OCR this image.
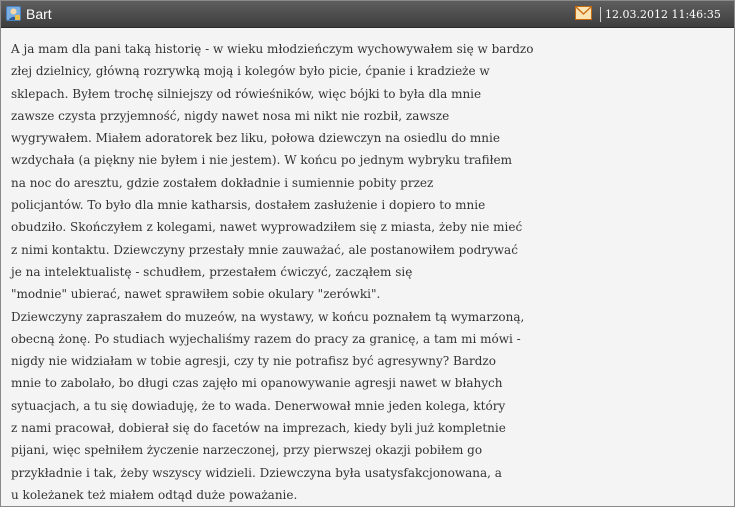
Bart	12.03.2012 11:46:35
A ja mam dla pani taką historię - w wieku młodzieńczym wychowywałem się w bardzo
złej dzielnicy, główną rozrywką moją i kolegów było picie, ćpanie i kradzieże w
sklepach. Byłem trochę silniejszy od rówieśników, więc bójki to była dla mnie
zawsze czysta przyjemność, nigdy nawet nosa mi nikt nie rozbił, zawsze
wygrywałem. Miałem adoratorek bez liku, połowa dziewczyn na osiedlu do mnie
wzdychała (a piękny nie byłem i nie jestem). W końcu po jednym wybryku trafiłem
na noc do aresztu, gdzie zostałem dokładnie i sumiennie pobity przez
policjantów. To było dla mnie katharsis, dostałem zasłużenie i dopiero to mnie
obudziło. Skończyłem z kolegami, nawet wyprowadziłem się z miasta, żeby nie mieć
z nimi kontaktu. Dziewczyny przestały mnie zauważać, ale postanowiłem podrywać
je na intelektualistę - schudłem, przestałem ćwiczyć, zacząłem się
"modnie" ubierać, nawet sprawiłem sobie okulary "zerówki".
Dziewczyny zapraszałem do muzeów, na wystawy, w końcu poznałem tą wymarzoną,
obecną żonę. Po studiach wyjechaliśmy razem do pracy za granicę, a tam mi mówi -
nigdy nie widziałam w tobie agresji, czy ty nie potrafisz być agresywny? Bardzo
mnie to zabolało, bo długi czas zajęło mi opanowywanie agresji nawet w błahych
sytuacjach, a tu się dowiaduję, że to wada. Denerwował mnie jeden kolega, który
z nami pracował, dobierał się do facetów na imprezach, kiedy byli już kompletnie
pijani, więc spełniłem życzenie narzeczonej, przy pierwszej okazji pobiłem go
przykładnie i tak, żeby wszyscy widzieli. Dziewczyna była usatysfakcjonowana, a
u koleżanek też miałem odtąd duże poważanie.
